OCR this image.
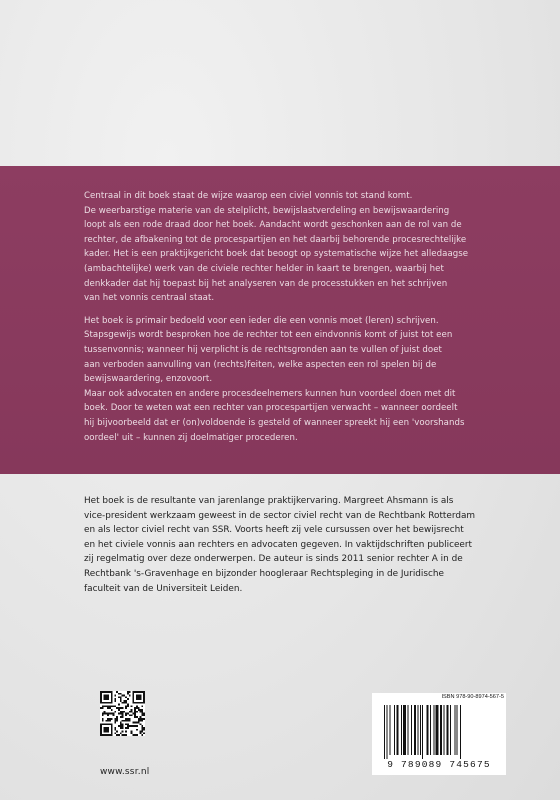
Centraal in dit boek staat de wijze waarop een civiel vonnis tot stand komt.
De weerbarstige materie van de stelplicht, bewijslastverdeling en bewijswaardering
loopt als een rode draad door het boek. Aandacht wordt geschonken aan de rol van de
rechter, de afbakening tot de procespartijen en het daarbij behorende procesrechtelijke
kader. Het is een praktijkgericht boek dat beoogt op systematische wijze het alledaagse
(ambachtelijke) werk van de civiele rechter helder in kaart te brengen, waarbij het
denkkader dat hij toepast bij het analyseren van de processtukken en het schrijven
van het vonnis centraal staat.

Het boek is primair bedoeld voor een ieder die een vonnis moet (leren) schrijven.
Stapsgewijs wordt besproken hoe de rechter tot een eindvonnis komt of juist tot een
tussenvonnis; wanneer hij verplicht is de rechtsgronden aan te vullen of juist doet
aan verboden aanvulling van (rechts)feiten, welke aspecten een rol spelen bij de
bewijswaardering, enzovoort.
Maar ook advocaten en andere procesdeelnemers kunnen hun voordeel doen met dit
boek. Door te weten wat een rechter van procespartijen verwacht – wanneer oordeelt
hij bijvoorbeeld dat er (on)voldoende is gesteld of wanneer spreekt hij een 'voorshands
oordeel' uit – kunnen zij doelmatiger procederen.

Het boek is de resultante van jarenlange praktijkervaring. Margreet Ahsmann is als
vice-president werkzaam geweest in de sector civiel recht van de Rechtbank Rotterdam
en als lector civiel recht van SSR. Voorts heeft zij vele cursussen over het bewijsrecht
en het civiele vonnis aan rechters en advocaten gegeven. In vaktijdschriften publiceert
zij regelmatig over deze onderwerpen. De auteur is sinds 2011 senior rechter A in de
Rechtbank 's-Gravenhage en bijzonder hoogleraar Rechtspleging in de Juridische
faculteit van de Universiteit Leiden.

www.ssr.nl
ISBN 978-90-8974-567-5
9 789089 745675
